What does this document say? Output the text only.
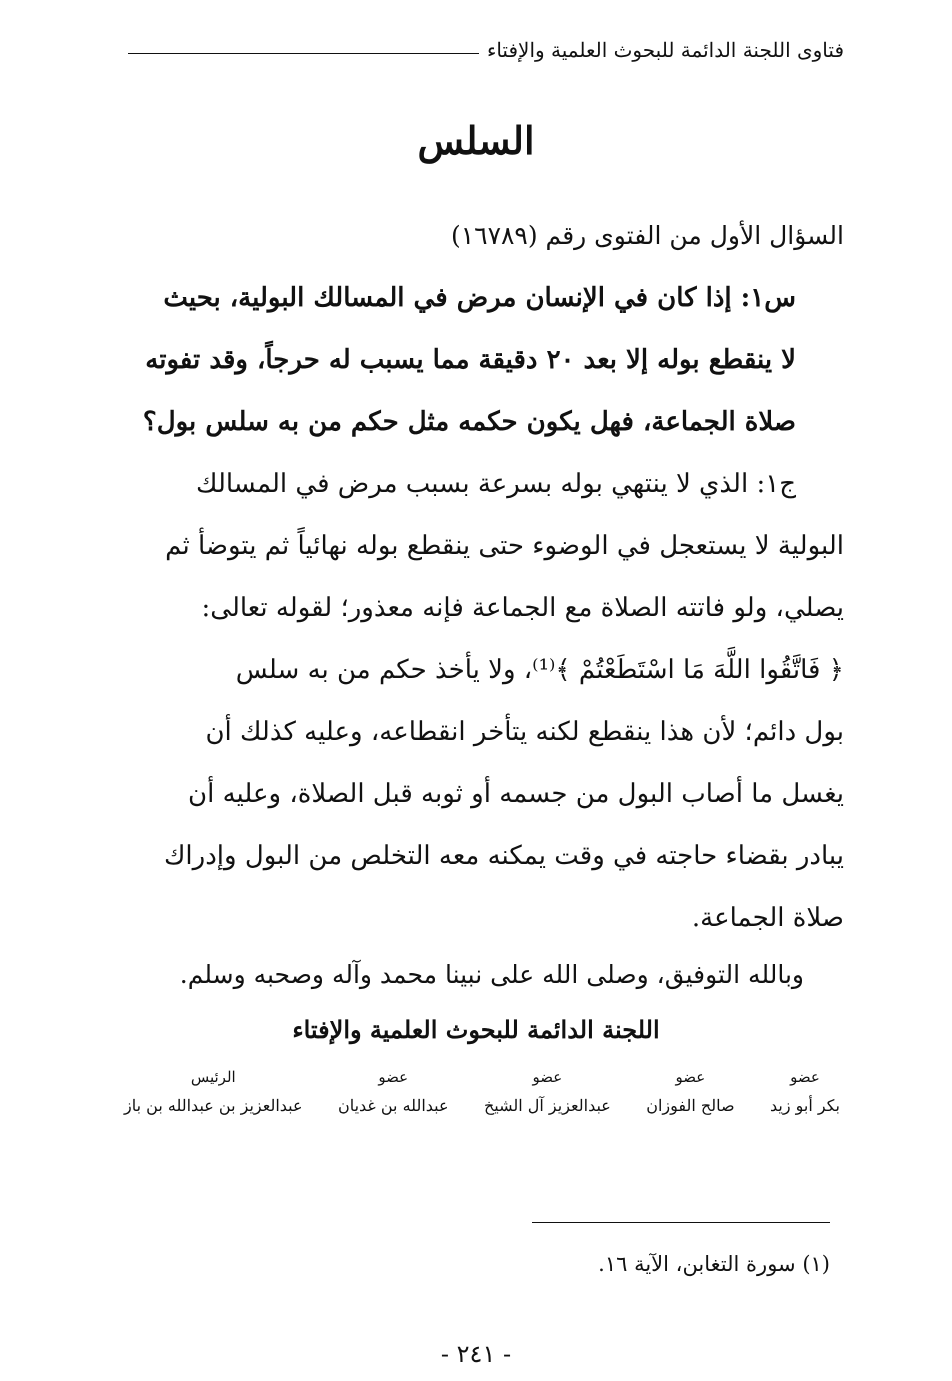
فتاوى اللجنة الدائمة للبحوث العلمية والإفتاء
السلس
السؤال الأول من الفتوى رقم (١٦٧٨٩)
س١: إذا كان في الإنسان مرض في المسالك البولية، بحيث
لا ينقطع بوله إلا بعد ٢٠ دقيقة مما يسبب له حرجاً، وقد تفوته
صلاة الجماعة، فهل يكون حكمه مثل حكم من به سلس بول؟
ج١: الذي لا ينتهي بوله بسرعة بسبب مرض في المسالك
البولية لا يستعجل في الوضوء حتى ينقطع بوله نهائياً ثم يتوضأ ثم
يصلي، ولو فاتته الصلاة مع الجماعة فإنه معذور؛ لقوله تعالى:
﴿ فَاتَّقُوا اللَّهَ مَا اسْتَطَعْتُمْ ﴾⁽¹⁾، ولا يأخذ حكم من به سلس
بول دائم؛ لأن هذا ينقطع لكنه يتأخر انقطاعه، وعليه كذلك أن
يغسل ما أصاب البول من جسمه أو ثوبه قبل الصلاة، وعليه أن
يبادر بقضاء حاجته في وقت يمكنه معه التخلص من البول وإدراك
صلاة الجماعة.
وبالله التوفيق، وصلى الله على نبينا محمد وآله وصحبه وسلم.
اللجنة الدائمة للبحوث العلمية والإفتاء
عضو
بكر أبو زيد
عضو
صالح الفوزان
عضو
عبدالعزيز آل الشيخ
عضو
عبدالله بن غديان
الرئيس
عبدالعزيز بن عبدالله بن باز
(١) سورة التغابن، الآية ١٦.
- ٢٤١ -
